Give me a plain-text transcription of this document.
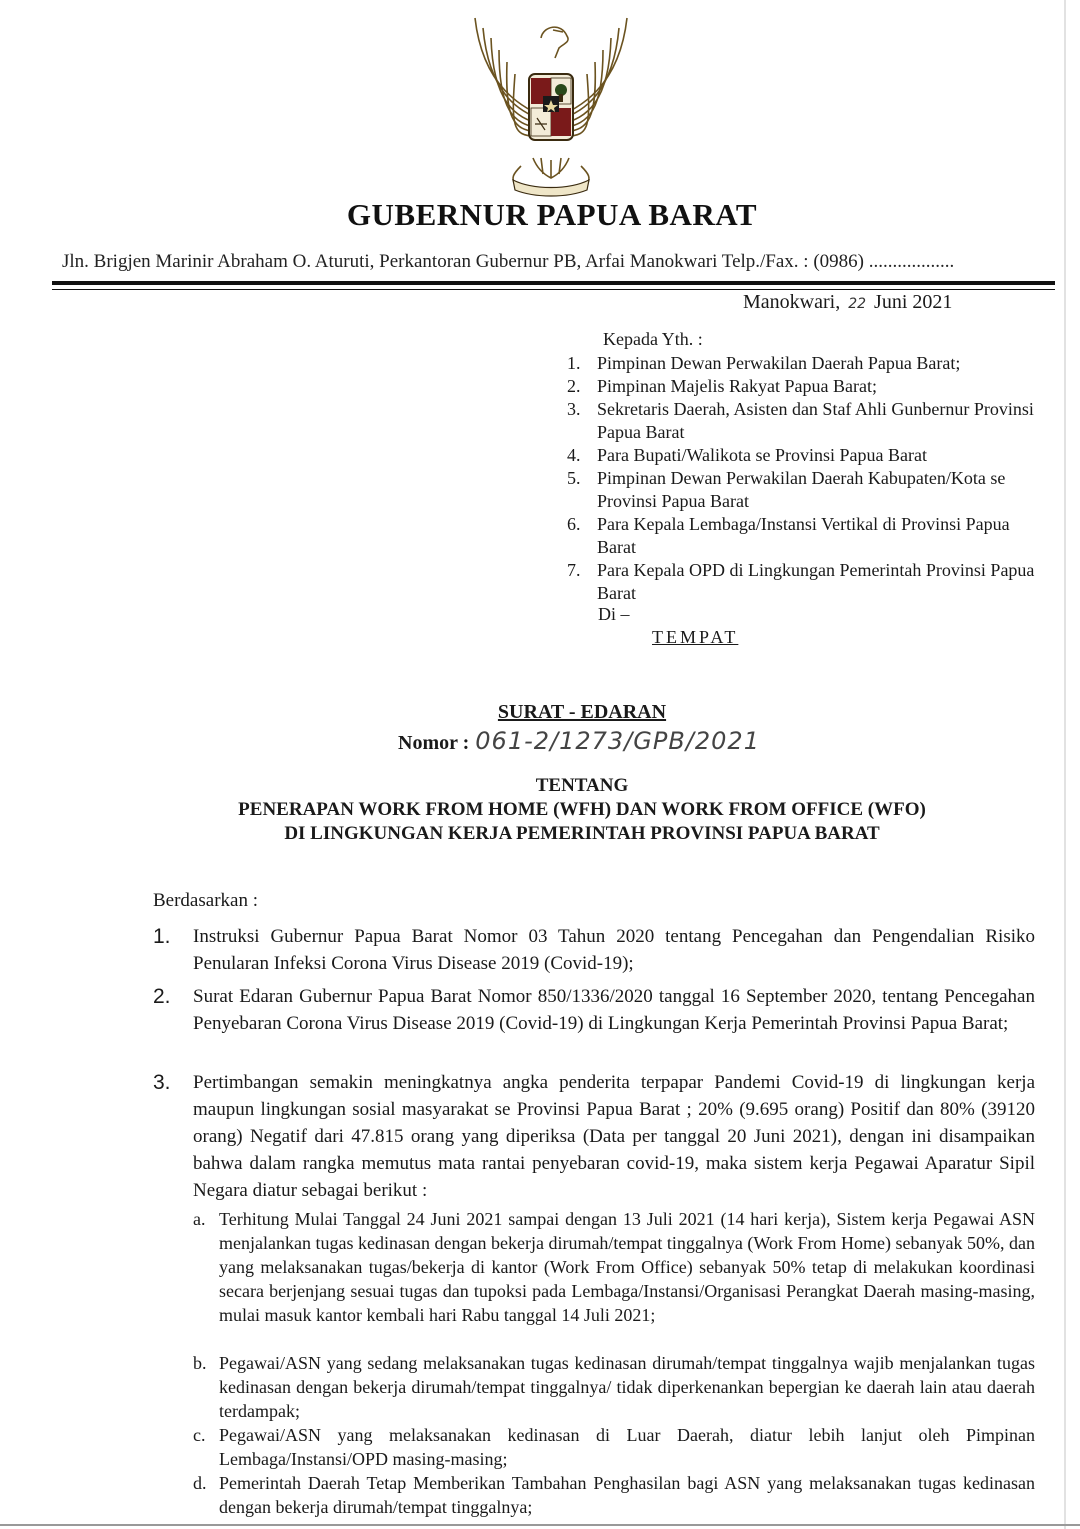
GUBERNUR PAPUA BARAT
Jln. Brigjen Marinir Abraham O. Aturuti, Perkantoran Gubernur PB, Arfai Manokwari Telp./Fax. : (0986) ..................
Manokwari, 22 Juni 2021
Kepada Yth. :
1. Pimpinan Dewan Perwakilan Daerah Papua Barat;
2. Pimpinan Majelis Rakyat Papua Barat;
3. Sekretaris Daerah, Asisten dan Staf Ahli Gunbernur Provinsi Papua Barat
4. Para Bupati/Walikota se Provinsi Papua Barat
5. Pimpinan Dewan Perwakilan Daerah Kabupaten/Kota se Provinsi Papua Barat
6. Para Kepala Lembaga/Instansi Vertikal di Provinsi Papua Barat
7. Para Kepala OPD di Lingkungan Pemerintah Provinsi Papua Barat
Di –
TEMPAT
SURAT - EDARAN
Nomor : 061-2/1273/GPB/2021
TENTANG
PENERAPAN WORK FROM HOME (WFH) DAN WORK FROM OFFICE (WFO)
DI LINGKUNGAN KERJA PEMERINTAH PROVINSI PAPUA BARAT
Berdasarkan :
1.	Instruksi Gubernur Papua Barat Nomor 03 Tahun 2020 tentang Pencegahan dan Pengendalian Risiko Penularan Infeksi Corona Virus Disease 2019 (Covid-19);
2.	Surat Edaran Gubernur Papua Barat Nomor 850/1336/2020 tanggal 16 September 2020, tentang Pencegahan Penyebaran Corona Virus Disease 2019 (Covid-19) di Lingkungan Kerja Pemerintah Provinsi Papua Barat;
3.	Pertimbangan semakin meningkatnya angka penderita terpapar Pandemi Covid-19 di lingkungan kerja maupun lingkungan sosial masyarakat se Provinsi Papua Barat ; 20% (9.695 orang) Positif dan 80% (39120 orang) Negatif dari 47.815 orang yang diperiksa (Data per tanggal 20 Juni 2021), dengan ini disampaikan bahwa dalam rangka memutus mata rantai penyebaran covid-19, maka sistem kerja Pegawai Aparatur Sipil Negara diatur sebagai berikut :
a. Terhitung Mulai Tanggal 24 Juni 2021 sampai dengan 13 Juli 2021 (14 hari kerja), Sistem kerja Pegawai ASN menjalankan tugas kedinasan dengan bekerja dirumah/tempat tinggalnya (Work From Home) sebanyak 50%, dan yang melaksanakan tugas/bekerja di kantor (Work From Office) sebanyak 50% tetap di melakukan koordinasi secara berjenjang sesuai tugas dan tupoksi pada Lembaga/Instansi/Organisasi Perangkat Daerah masing-masing, mulai masuk kantor kembali hari Rabu tanggal 14 Juli 2021;
b. Pegawai/ASN yang sedang melaksanakan tugas kedinasan dirumah/tempat tinggalnya wajib menjalankan tugas kedinasan dengan bekerja dirumah/tempat tinggalnya/ tidak diperkenankan bepergian ke daerah lain atau daerah terdampak;
c. Pegawai/ASN yang melaksanakan kedinasan di Luar Daerah, diatur lebih lanjut oleh Pimpinan Lembaga/Instansi/OPD masing-masing;
d. Pemerintah Daerah Tetap Memberikan Tambahan Penghasilan bagi ASN yang melaksanakan tugas kedinasan dengan bekerja dirumah/tempat tinggalnya;
